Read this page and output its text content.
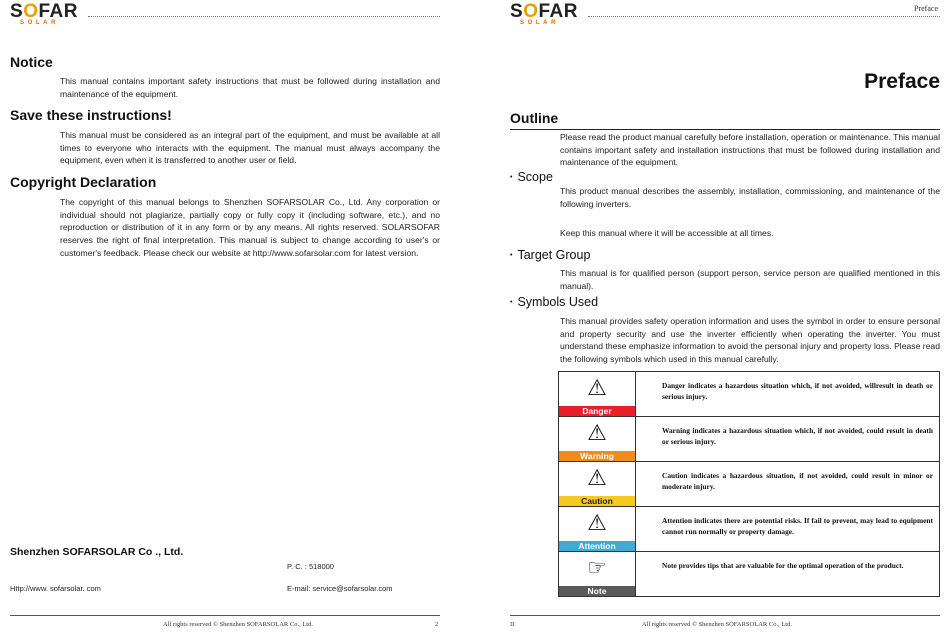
SOFAR
SOLAR
Notice
This manual contains important safety instructions that must be followed during installation and maintenance of the equipment.
Save these instructions!
This manual must be considered as an integral part of the equipment, and must be available at all times to everyone who interacts with the equipment. The manual must always accompany the equipment, even when it is transferred to another user or field.
Copyright Declaration
The copyright of this manual belongs to Shenzhen SOFARSOLAR Co., Ltd. Any corporation or individual should not plagiarize, partially copy or fully copy it (including software, etc.), and no reproduction or distribution of it in any form or by any means. All rights reserved. SOLARSOFAR reserves the right of final interpretation. This manual is subject to change according to user's or customer's feedback. Please check our website at http://www.sofarsolar.com for latest version.
Shenzhen SOFARSOLAR Co ., Ltd.
P. C. : 518000
Http://www. sofarsolar. com	E-mail: service@sofarsolar.com
All rights reserved © Shenzhen SOFARSOLAR Co., Ltd.	2
SOFAR
SOLAR
Preface
Preface
Outline
Please read the product manual carefully before installation, operation or maintenance. This manual contains important safety and installation instructions that must be followed during installation and maintenance of the equipment.
• Scope
This product manual describes the assembly, installation, commissioning, and maintenance of the following inverters.
Keep this manual where it will be accessible at all times.
• Target Group
This manual is for qualified person (support person, service person are qualified mentioned in this manual).
• Symbols Used
This manual provides safety operation information and uses the symbol in order to ensure personal and property security and use the inverter efficiently when operating the inverter. You must understand these emphasize information to avoid the personal injury and property loss. Please read the following symbols which used in this manual carefully.
⚠
Danger	Danger indicates a hazardous situation which, if not avoided, willresult in death or serious injury.

⚠
Warning	Warning indicates a hazardous situation which, if not avoided, could result in death or serious injury.

⚠
Caution	Caution indicates a hazardous situation, if not avoided, could result in minor or moderate injury.

⚠
Attention	Attention indicates there are potential risks. If fail to prevent, may lead to equipment cannot run normally or property damage.

☞
Note	Note provides tips that are valuable for the optimal operation of the product.
II	All rights reserved © Shenzhen SOFARSOLAR Co., Ltd.
